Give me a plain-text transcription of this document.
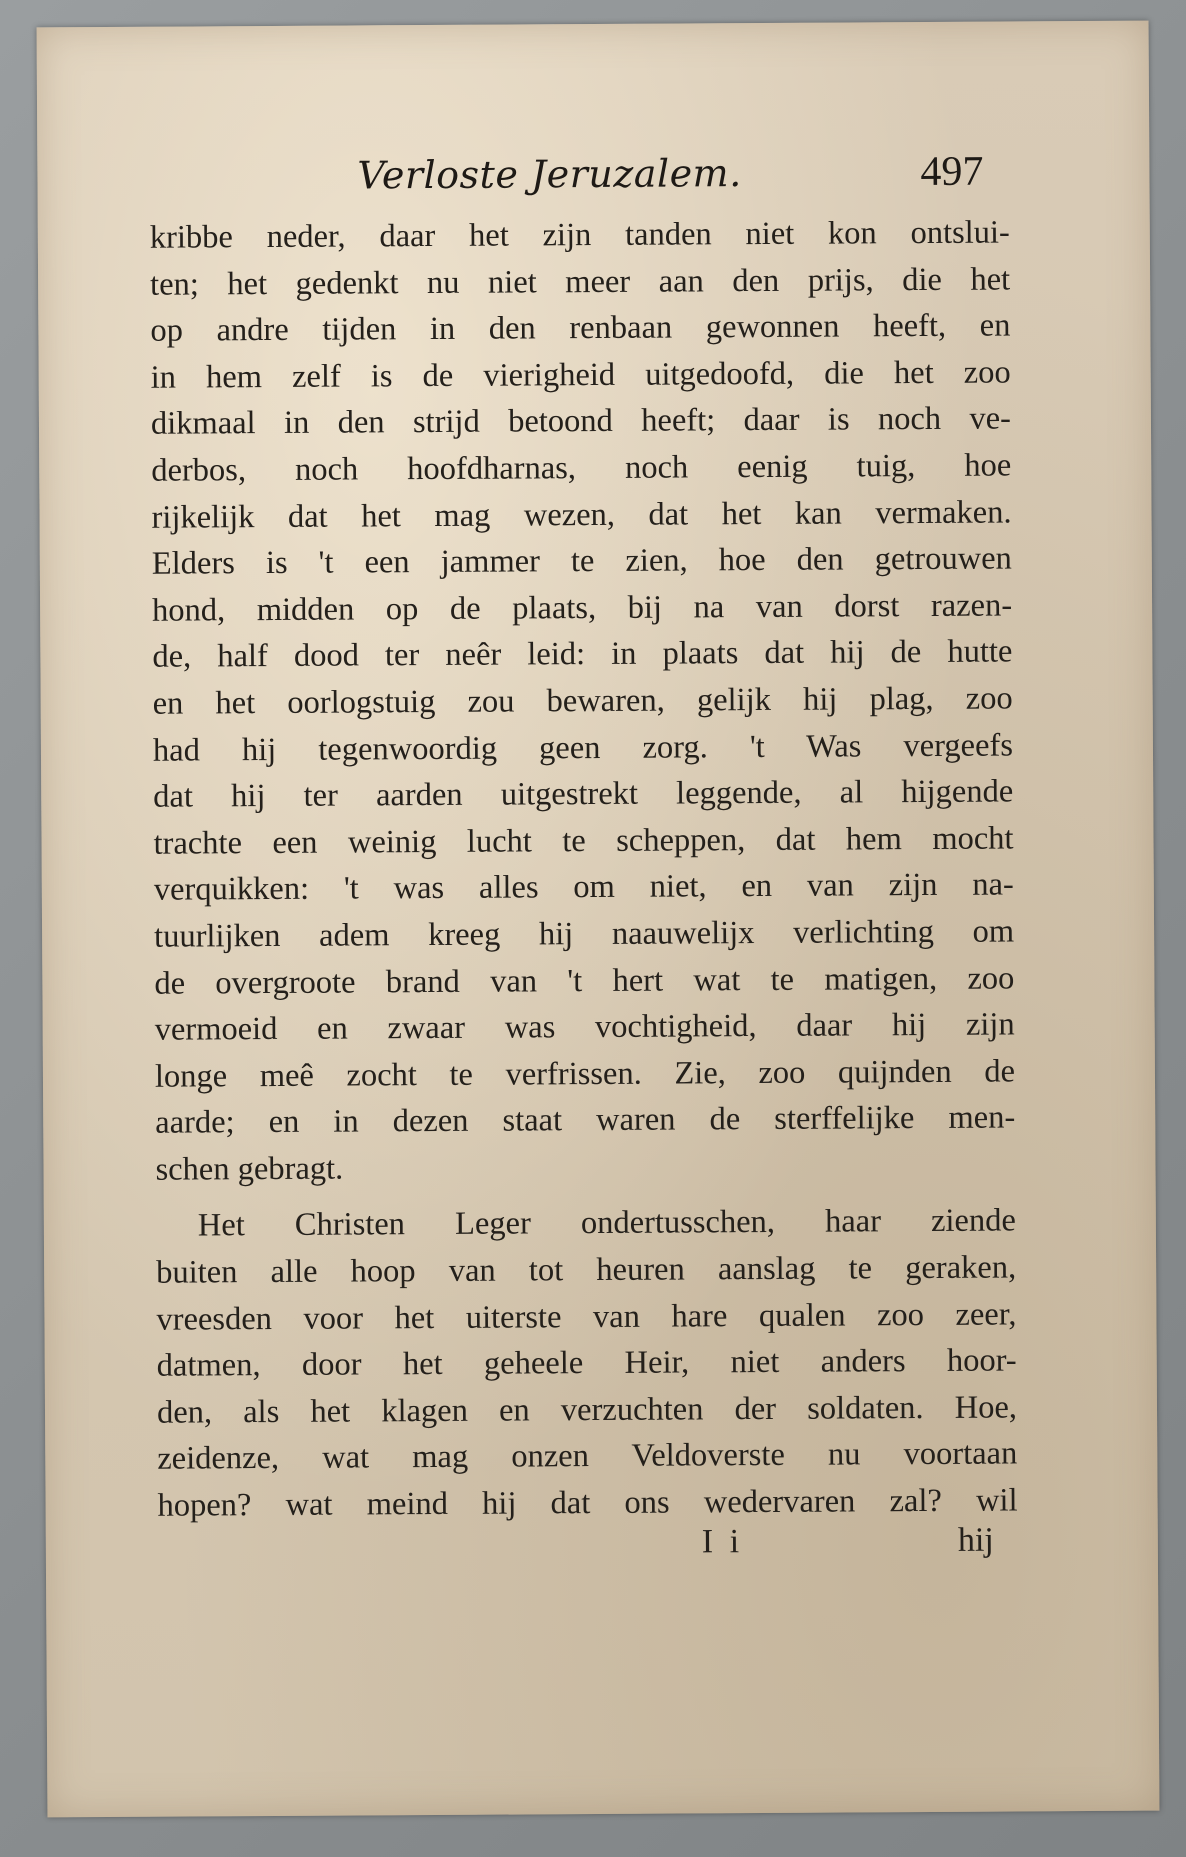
Verloste Jeruzalem.	497
kribbe neder, daar het zijn tanden niet kon ontslui-
ten; het gedenkt nu niet meer aan den prijs, die het
op andre tijden in den renbaan gewonnen heeft, en
in hem zelf is de vierigheid uitgedoofd, die het zoo
dikmaal in den strijd betoond heeft; daar is noch ve-
derbos, noch hoofdharnas, noch eenig tuig, hoe
rijkelijk dat het mag wezen, dat het kan vermaken.
Elders is 't een jammer te zien, hoe den getrouwen
hond, midden op de plaats, bij na van dorst razen-
de, half dood ter neêr leid: in plaats dat hij de hutte
en het oorlogstuig zou bewaren, gelijk hij plag, zoo
had hij tegenwoordig geen zorg. 't Was vergeefs
dat hij ter aarden uitgestrekt leggende, al hijgende
trachte een weinig lucht te scheppen, dat hem mocht
verquikken: 't was alles om niet, en van zijn na-
tuurlijken adem kreeg hij naauwelijx verlichting om
de overgroote brand van 't hert wat te matigen, zoo
vermoeid en zwaar was vochtigheid, daar hij zijn
longe meê zocht te verfrissen. Zie, zoo quijnden de
aarde; en in dezen staat waren de sterffelijke men-
schen gebragt.
Het Christen Leger ondertusschen, haar ziende
buiten alle hoop van tot heuren aanslag te geraken,
vreesden voor het uiterste van hare qualen zoo zeer,
datmen, door het geheele Heir, niet anders hoor-
den, als het klagen en verzuchten der soldaten. Hoe,
zeidenze, wat mag onzen Veldoverste nu voortaan
hopen? wat meind hij dat ons wedervaren zal? wil
I i	hij
